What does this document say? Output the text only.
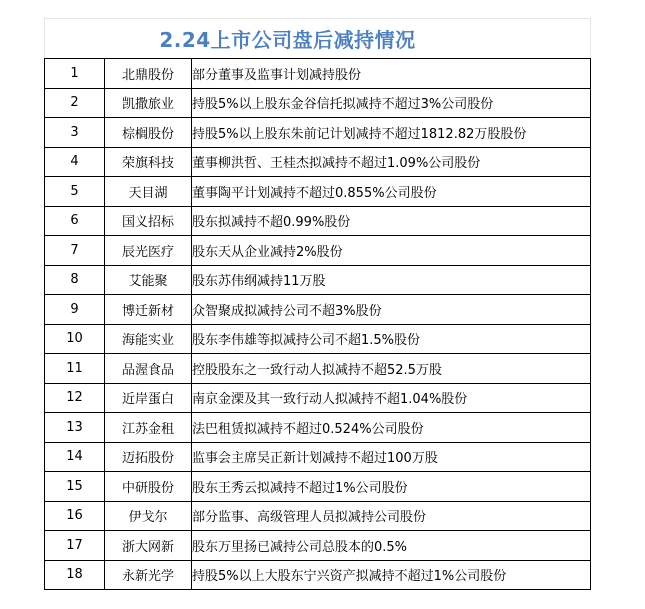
2.24上市公司盘后减持情况
1	北鼎股份	部分董事及监事计划减持股份
2	凯撒旅业	持股5%以上股东金谷信托拟减持不超过3%公司股份
3	棕榈股份	持股5%以上股东朱前记计划减持不超过1812.82万股股份
4	荣旗科技	董事柳洪哲、王桂杰拟减持不超过1.09%公司股份
5	天目湖	董事陶平计划减持不超过0.855%公司股份
6	国义招标	股东拟减持不超0.99%股份
7	辰光医疗	股东天从企业减持2%股份
8	艾能聚	股东苏伟纲减持11万股
9	博迁新材	众智聚成拟减持公司不超3%股份
10	海能实业	股东李伟雄等拟减持公司不超1.5%股份
11	品渥食品	控股股东之一致行动人拟减持不超52.5万股
12	近岸蛋白	南京金溧及其一致行动人拟减持不超1.04%股份
13	江苏金租	法巴租赁拟减持不超过0.524%公司股份
14	迈拓股份	监事会主席吴正新计划减持不超过100万股
15	中研股份	股东王秀云拟减持不超过1%公司股份
16	伊戈尔	部分监事、高级管理人员拟减持公司股份
17	浙大网新	股东万里扬已减持公司总股本的0.5%
18	永新光学	持股5%以上大股东宁兴资产拟减持不超过1%公司股份
